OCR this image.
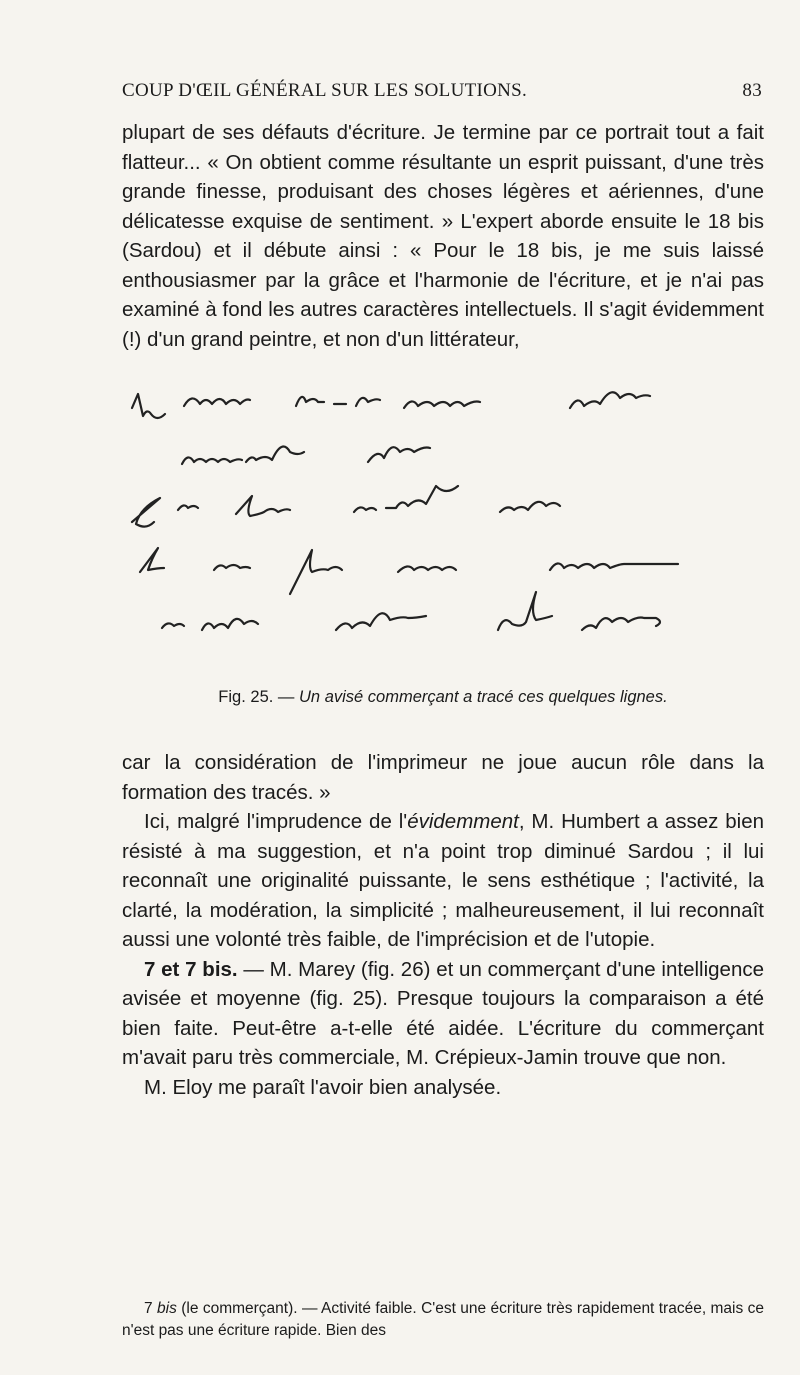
COUP D'ŒIL GÉNÉRAL SUR LES SOLUTIONS.	83
plupart de ses défauts d'écriture. Je termine par ce portrait tout a fait flatteur... « On obtient comme résultante un esprit puissant, d'une très grande finesse, produisant des choses légères et aériennes, d'une délicatesse exquise de sentiment. » L'expert aborde ensuite le 18 bis (Sardou) et il débute ainsi : « Pour le 18 bis, je me suis laissé enthousiasmer par la grâce et l'harmonie de l'écriture, et je n'ai pas examiné à fond les autres caractères intellectuels. Il s'agit évidemment (!) d'un grand peintre, et non d'un littérateur,
Fig. 25. — Un avisé commerçant a tracé ces quelques lignes.

car la considération de l'imprimeur ne joue aucun rôle dans la formation des tracés. »

Ici, malgré l'imprudence de l'évidemment, M. Humbert a assez bien résisté à ma suggestion, et n'a point trop diminué Sardou ; il lui reconnaît une originalité puissante, le sens esthétique ; l'activité, la clarté, la modération, la simplicité ; malheureusement, il lui reconnaît aussi une volonté très faible, de l'imprécision et de l'utopie.

7 et 7 bis. — M. Marey (fig. 26) et un commerçant d'une intelligence avisée et moyenne (fig. 25). Presque toujours la comparaison a été bien faite. Peut-être a-t-elle été aidée. L'écriture du commerçant m'avait paru très commerciale, M. Crépieux-Jamin trouve que non.

M. Eloy me paraît l'avoir bien analysée.

7 bis (le commerçant). — Activité faible. C'est une écriture très rapidement tracée, mais ce n'est pas une écriture rapide. Bien des
